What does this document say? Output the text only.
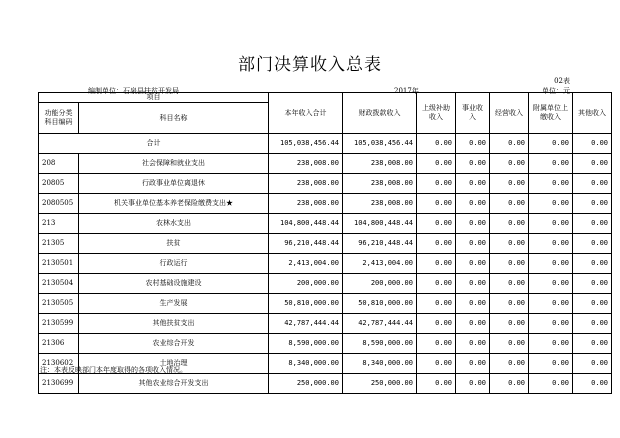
部门决算收入总表
02表
编制单位：石泉县扶贫开发局	2017年	单位：元
项目		本年收入合计	财政拨款收入	上级补助收入	事业收入	经营收入	附属单位上缴收入	其他收入
功能分类科目编码	科目名称							
合计		105,038,456.44	105,038,456.44	0.00	0.00	0.00	0.00	0.00
208	社会保障和就业支出	238,008.00	238,008.00	0.00	0.00	0.00	0.00	0.00
20805	行政事业单位离退休	238,008.00	238,008.00	0.00	0.00	0.00	0.00	0.00
2080505	机关事业单位基本养老保险缴费支出★	238,008.00	238,008.00	0.00	0.00	0.00	0.00	0.00
213	农林水支出	104,800,448.44	104,800,448.44	0.00	0.00	0.00	0.00	0.00
21305	扶贫	96,210,448.44	96,210,448.44	0.00	0.00	0.00	0.00	0.00
2130501	行政运行	2,413,004.00	2,413,004.00	0.00	0.00	0.00	0.00	0.00
2130504	农村基础设施建设	200,000.00	200,000.00	0.00	0.00	0.00	0.00	0.00
2130505	生产发展	50,810,000.00	50,810,000.00	0.00	0.00	0.00	0.00	0.00
2130599	其他扶贫支出	42,787,444.44	42,787,444.44	0.00	0.00	0.00	0.00	0.00
21306	农业综合开发	8,590,000.00	8,590,000.00	0.00	0.00	0.00	0.00	0.00
2130602	土地治理	8,340,000.00	8,340,000.00	0.00	0.00	0.00	0.00	0.00
2130699	其他农业综合开发支出	250,000.00	250,000.00	0.00	0.00	0.00	0.00	0.00
注：本表反映部门本年度取得的各项收入情况。
